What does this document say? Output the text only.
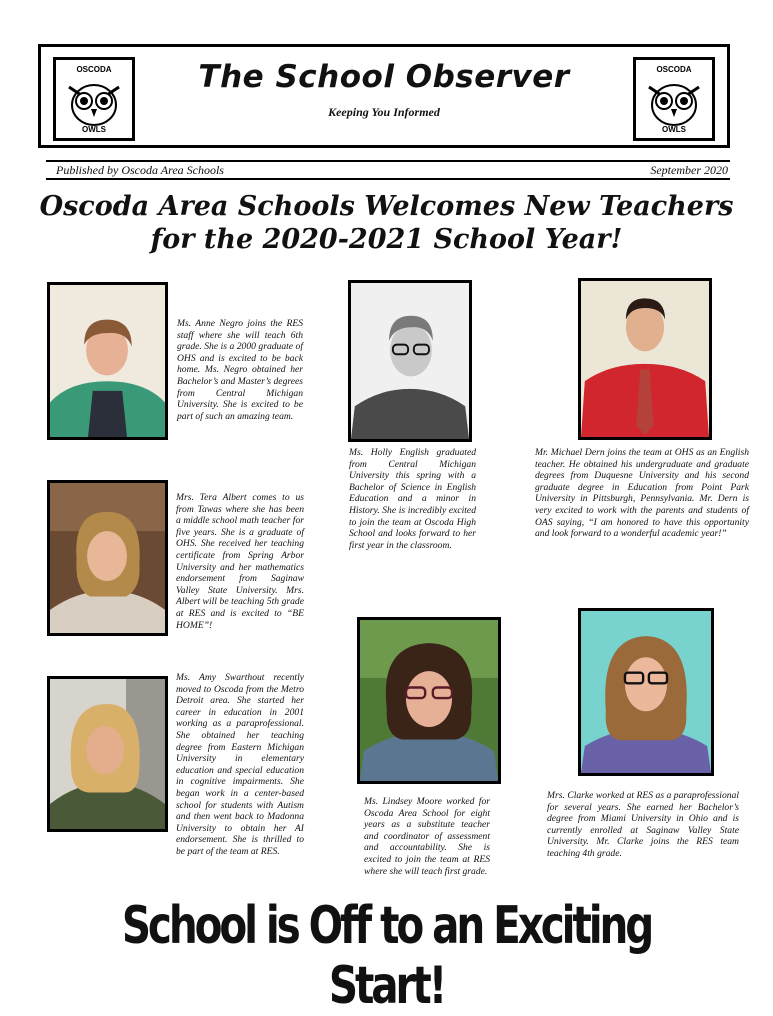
OSCODA
OWLS
The School Observer
Keeping You Informed
OSCODA
OWLS
Published by Oscoda Area Schools	September 2020
Oscoda Area Schools Welcomes New Teachers
for the 2020-2021 School Year!
Ms. Anne Negro joins the RES staff where she will teach 6th grade. She is a 2000 graduate of OHS and is excited to be back home. Ms. Negro obtained her Bachelor’s and Master’s degrees from Central Michigan University. She is excited to be part of such an amazing team.
Ms. Holly English graduated from Central Michigan University this spring with a Bachelor of Science in English Education and a minor in History. She is incredibly excited to join the team at Oscoda High School and looks forward to her first year in the classroom.
Mr. Michael Dern joins the team at OHS as an English teacher. He obtained his undergraduate and graduate degrees from Duquesne University and his second graduate degree in Education from Point Park University in Pittsburgh, Pennsylvania. Mr. Dern is very excited to work with the parents and students of OAS saying, “I am honored to have this opportunity and look forward to a wonderful academic year!”
Mrs. Tera Albert comes to us from Tawas where she has been a middle school math teacher for five years. She is a graduate of OHS. She received her teaching certificate from Spring Arbor University and her mathematics endorsement from Saginaw Valley State University. Mrs. Albert will be teaching 5th grade at RES and is excited to “BE HOME”!
Ms. Amy Swarthout recently moved to Oscoda from the Metro Detroit area. She started her career in education in 2001 working as a paraprofessional. She obtained her teaching degree from Eastern Michigan University in elementary education and special education in cognitive impairments. She began work in a center-based school for students with Autism and then went back to Madonna University to obtain her AI endorsement. She is thrilled to be part of the team at RES.
Ms. Lindsey Moore worked for Oscoda Area School for eight years as a substitute teacher and coordinator of assessment and accountability. She is excited to join the team at RES where she will teach first grade.
Mrs. Clarke worked at RES as a paraprofessional for several years. She earned her Bachelor’s degree from Miami University in Ohio and is currently enrolled at Saginaw Valley State University. Mr. Clarke joins the RES team teaching 4th grade.
School is Off to an Exciting Start!
